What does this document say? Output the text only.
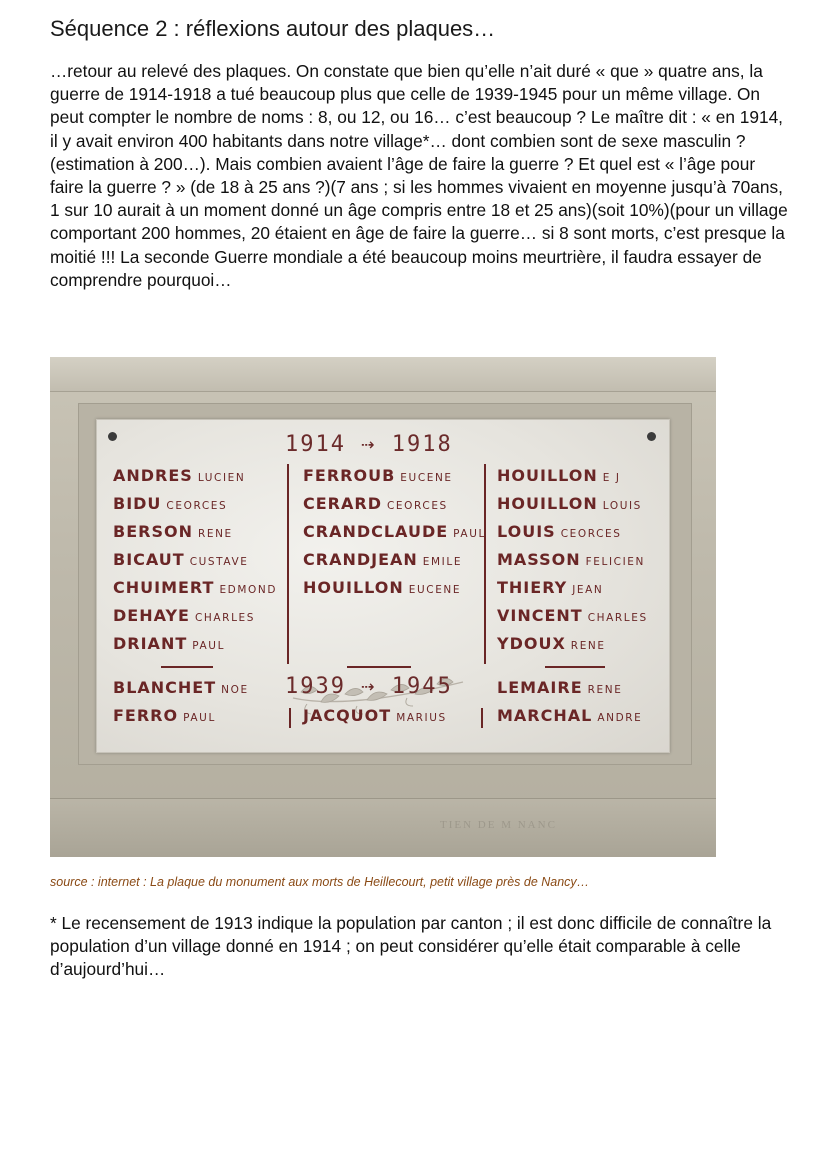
Séquence 2 : réflexions autour des plaques…
…retour au relevé des plaques. On constate que bien qu’elle n’ait duré « que » quatre ans, la guerre de 1914-1918 a tué beaucoup plus que celle de 1939-1945 pour un même village. On peut compter le nombre de noms : 8, ou 12, ou 16… c’est beaucoup ? Le maître dit : « en 1914, il y avait environ 400 habitants dans notre village*… dont combien sont de sexe masculin ? (estimation à 200…). Mais combien avaient l’âge de faire la guerre ? Et quel est « l’âge pour faire la guerre ? » (de 18 à 25 ans ?)(7 ans ; si les hommes vivaient en moyenne jusqu’à 70ans, 1 sur 10 aurait à un moment donné un âge compris entre 18 et 25 ans)(soit 10%)(pour un village comportant 200 hommes, 20 étaient en âge de faire la guerre… si 8 sont morts, c’est presque la moitié !!! La seconde Guerre mondiale a été beaucoup moins meurtrière, il faudra essayer de comprendre pourquoi…
TIEN DE M NANC
1914 ⇢ 1918
ANDRES LUCIEN
BIDU CEORCES
BERSON RENE
BICAUT CUSTAVE
CHUIMERT EDMOND
DEHAYE CHARLES
DRIANT PAUL
FERROUB EUCENE
CERARD CEORCES
CRANDCLAUDE PAUL
CRANDJEAN EMILE
HOUILLON EUCENE
HOUILLON E J
HOUILLON LOUIS
LOUIS CEORCES
MASSON FELICIEN
THIERY JEAN
VINCENT CHARLES
YDOUX RENE
BLANCHET NOE
FERRO PAUL
1939 ⇢ 1945
JACQUOT MARIUS
LEMAIRE RENE
MARCHAL ANDRE
source : internet : La plaque du monument aux morts de Heillecourt, petit village près de Nancy…
* Le recensement de 1913 indique la population par canton ; il est donc difficile de connaître la population d’un village donné en 1914 ; on peut considérer qu’elle était comparable à celle d’aujourd’hui…
